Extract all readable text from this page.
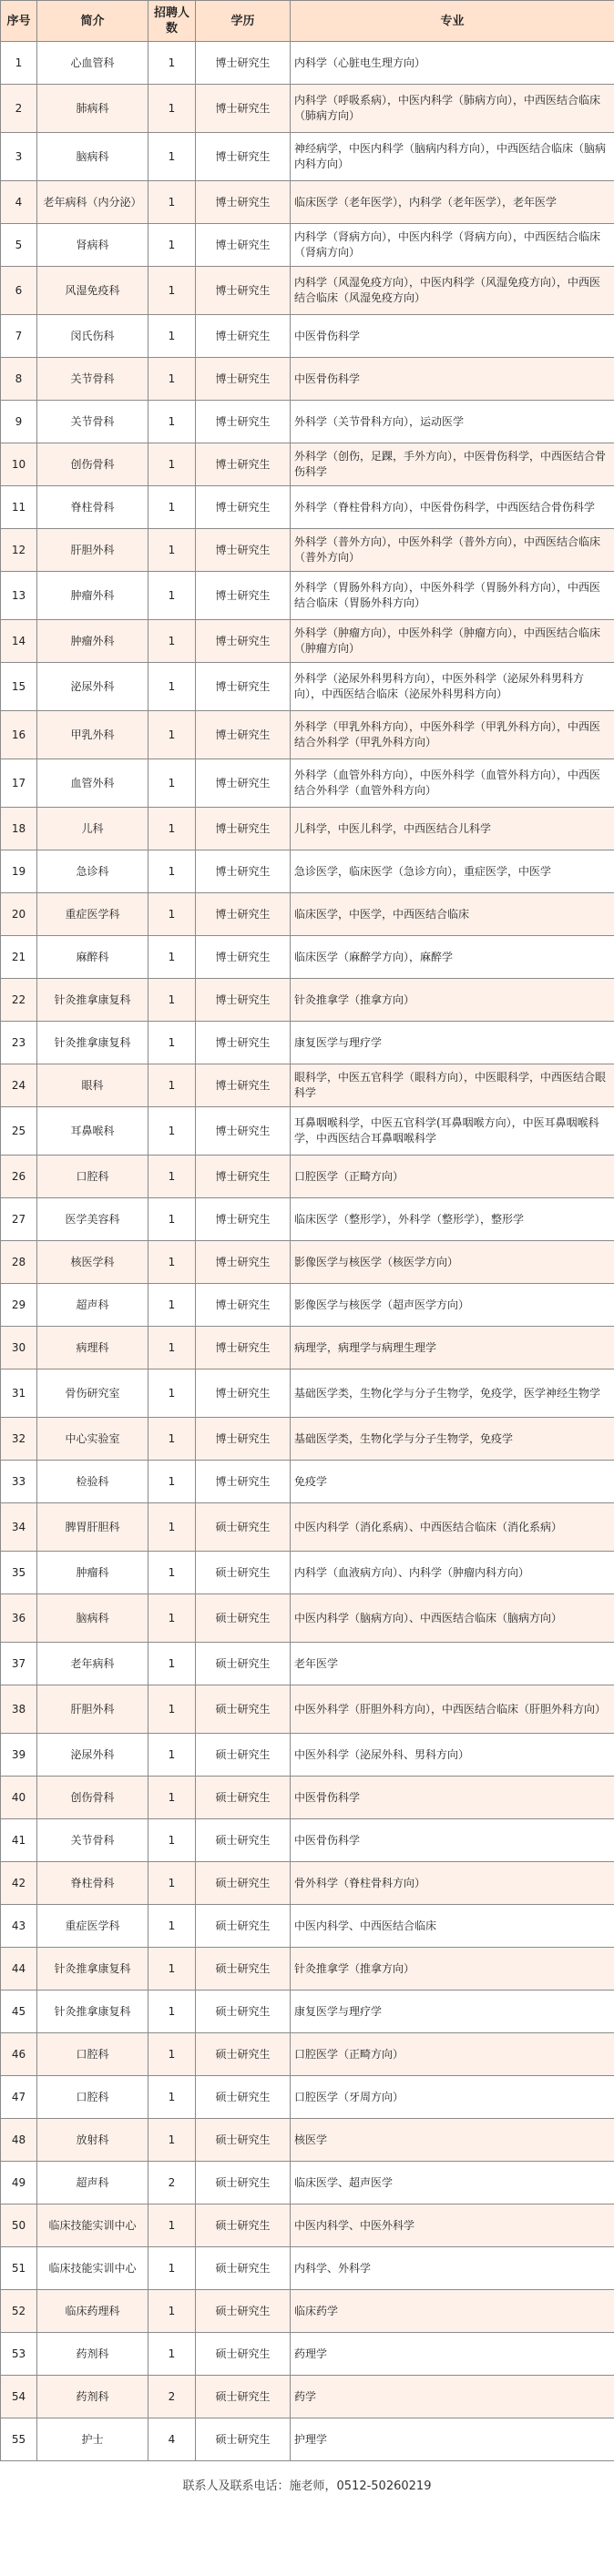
序号	简介	招聘人数	学历	专业
1	心血管科	1	博士研究生	内科学（心脏电生理方向）
2	肺病科	1	博士研究生	内科学（呼吸系病），中医内科学（肺病方向），中西医结合临床（肺病方向）
3	脑病科	1	博士研究生	神经病学，中医内科学（脑病内科方向），中西医结合临床（脑病内科方向）
4	老年病科（内分泌）	1	博士研究生	临床医学（老年医学），内科学（老年医学），老年医学
5	肾病科	1	博士研究生	内科学（肾病方向），中医内科学（肾病方向），中西医结合临床（肾病方向）
6	风湿免疫科	1	博士研究生	内科学（风湿免疫方向），中医内科学（风湿免疫方向），中西医结合临床（风湿免疫方向）
7	闵氏伤科	1	博士研究生	中医骨伤科学
8	关节骨科	1	博士研究生	中医骨伤科学
9	关节骨科	1	博士研究生	外科学（关节骨科方向），运动医学
10	创伤骨科	1	博士研究生	外科学（创伤，足踝，手外方向），中医骨伤科学，中西医结合骨伤科学
11	脊柱骨科	1	博士研究生	外科学（脊柱骨科方向），中医骨伤科学，中西医结合骨伤科学
12	肝胆外科	1	博士研究生	外科学（普外方向），中医外科学（普外方向），中西医结合临床（普外方向）
13	肿瘤外科	1	博士研究生	外科学（胃肠外科方向），中医外科学（胃肠外科方向），中西医结合临床（胃肠外科方向）
14	肿瘤外科	1	博士研究生	外科学（肿瘤方向），中医外科学（肿瘤方向），中西医结合临床（肿瘤方向）
15	泌尿外科	1	博士研究生	外科学（泌尿外科男科方向），中医外科学（泌尿外科男科方向），中西医结合临床（泌尿外科男科方向）
16	甲乳外科	1	博士研究生	外科学（甲乳外科方向），中医外科学（甲乳外科方向），中西医结合外科学（甲乳外科方向）
17	血管外科	1	博士研究生	外科学（血管外科方向），中医外科学（血管外科方向），中西医结合外科学（血管外科方向）
18	儿科	1	博士研究生	儿科学，中医儿科学，中西医结合儿科学
19	急诊科	1	博士研究生	急诊医学，临床医学（急诊方向），重症医学，中医学
20	重症医学科	1	博士研究生	临床医学，中医学，中西医结合临床
21	麻醉科	1	博士研究生	临床医学（麻醉学方向），麻醉学
22	针灸推拿康复科	1	博士研究生	针灸推拿学（推拿方向）
23	针灸推拿康复科	1	博士研究生	康复医学与理疗学
24	眼科	1	博士研究生	眼科学，中医五官科学（眼科方向），中医眼科学，中西医结合眼科学
25	耳鼻喉科	1	博士研究生	耳鼻咽喉科学，中医五官科学(耳鼻咽喉方向），中医耳鼻咽喉科学，中西医结合耳鼻咽喉科学
26	口腔科	1	博士研究生	口腔医学（正畸方向）
27	医学美容科	1	博士研究生	临床医学（整形学），外科学（整形学），整形学
28	核医学科	1	博士研究生	影像医学与核医学（核医学方向）
29	超声科	1	博士研究生	影像医学与核医学（超声医学方向）
30	病理科	1	博士研究生	病理学，病理学与病理生理学
31	骨伤研究室	1	博士研究生	基础医学类，生物化学与分子生物学，免疫学，医学神经生物学
32	中心实验室	1	博士研究生	基础医学类，生物化学与分子生物学，免疫学
33	检验科	1	博士研究生	免疫学
34	脾胃肝胆科	1	硕士研究生	中医内科学（消化系病）、中西医结合临床（消化系病）
35	肿瘤科	1	硕士研究生	内科学（血液病方向）、内科学（肿瘤内科方向）
36	脑病科	1	硕士研究生	中医内科学（脑病方向）、中西医结合临床（脑病方向）
37	老年病科	1	硕士研究生	老年医学
38	肝胆外科	1	硕士研究生	中医外科学（肝胆外科方向），中西医结合临床（肝胆外科方向）
39	泌尿外科	1	硕士研究生	中医外科学（泌尿外科、男科方向）
40	创伤骨科	1	硕士研究生	中医骨伤科学
41	关节骨科	1	硕士研究生	中医骨伤科学
42	脊柱骨科	1	硕士研究生	骨外科学（脊柱骨科方向）
43	重症医学科	1	硕士研究生	中医内科学、中西医结合临床
44	针灸推拿康复科	1	硕士研究生	针灸推拿学（推拿方向）
45	针灸推拿康复科	1	硕士研究生	康复医学与理疗学
46	口腔科	1	硕士研究生	口腔医学（正畸方向）
47	口腔科	1	硕士研究生	口腔医学（牙周方向）
48	放射科	1	硕士研究生	核医学
49	超声科	2	硕士研究生	临床医学、超声医学
50	临床技能实训中心	1	硕士研究生	中医内科学、中医外科学
51	临床技能实训中心	1	硕士研究生	内科学、外科学
52	临床药理科	1	硕士研究生	临床药学
53	药剂科	1	硕士研究生	药理学
54	药剂科	2	硕士研究生	药学
55	护士	4	硕士研究生	护理学
联系人及联系电话：施老师，0512-50260219
